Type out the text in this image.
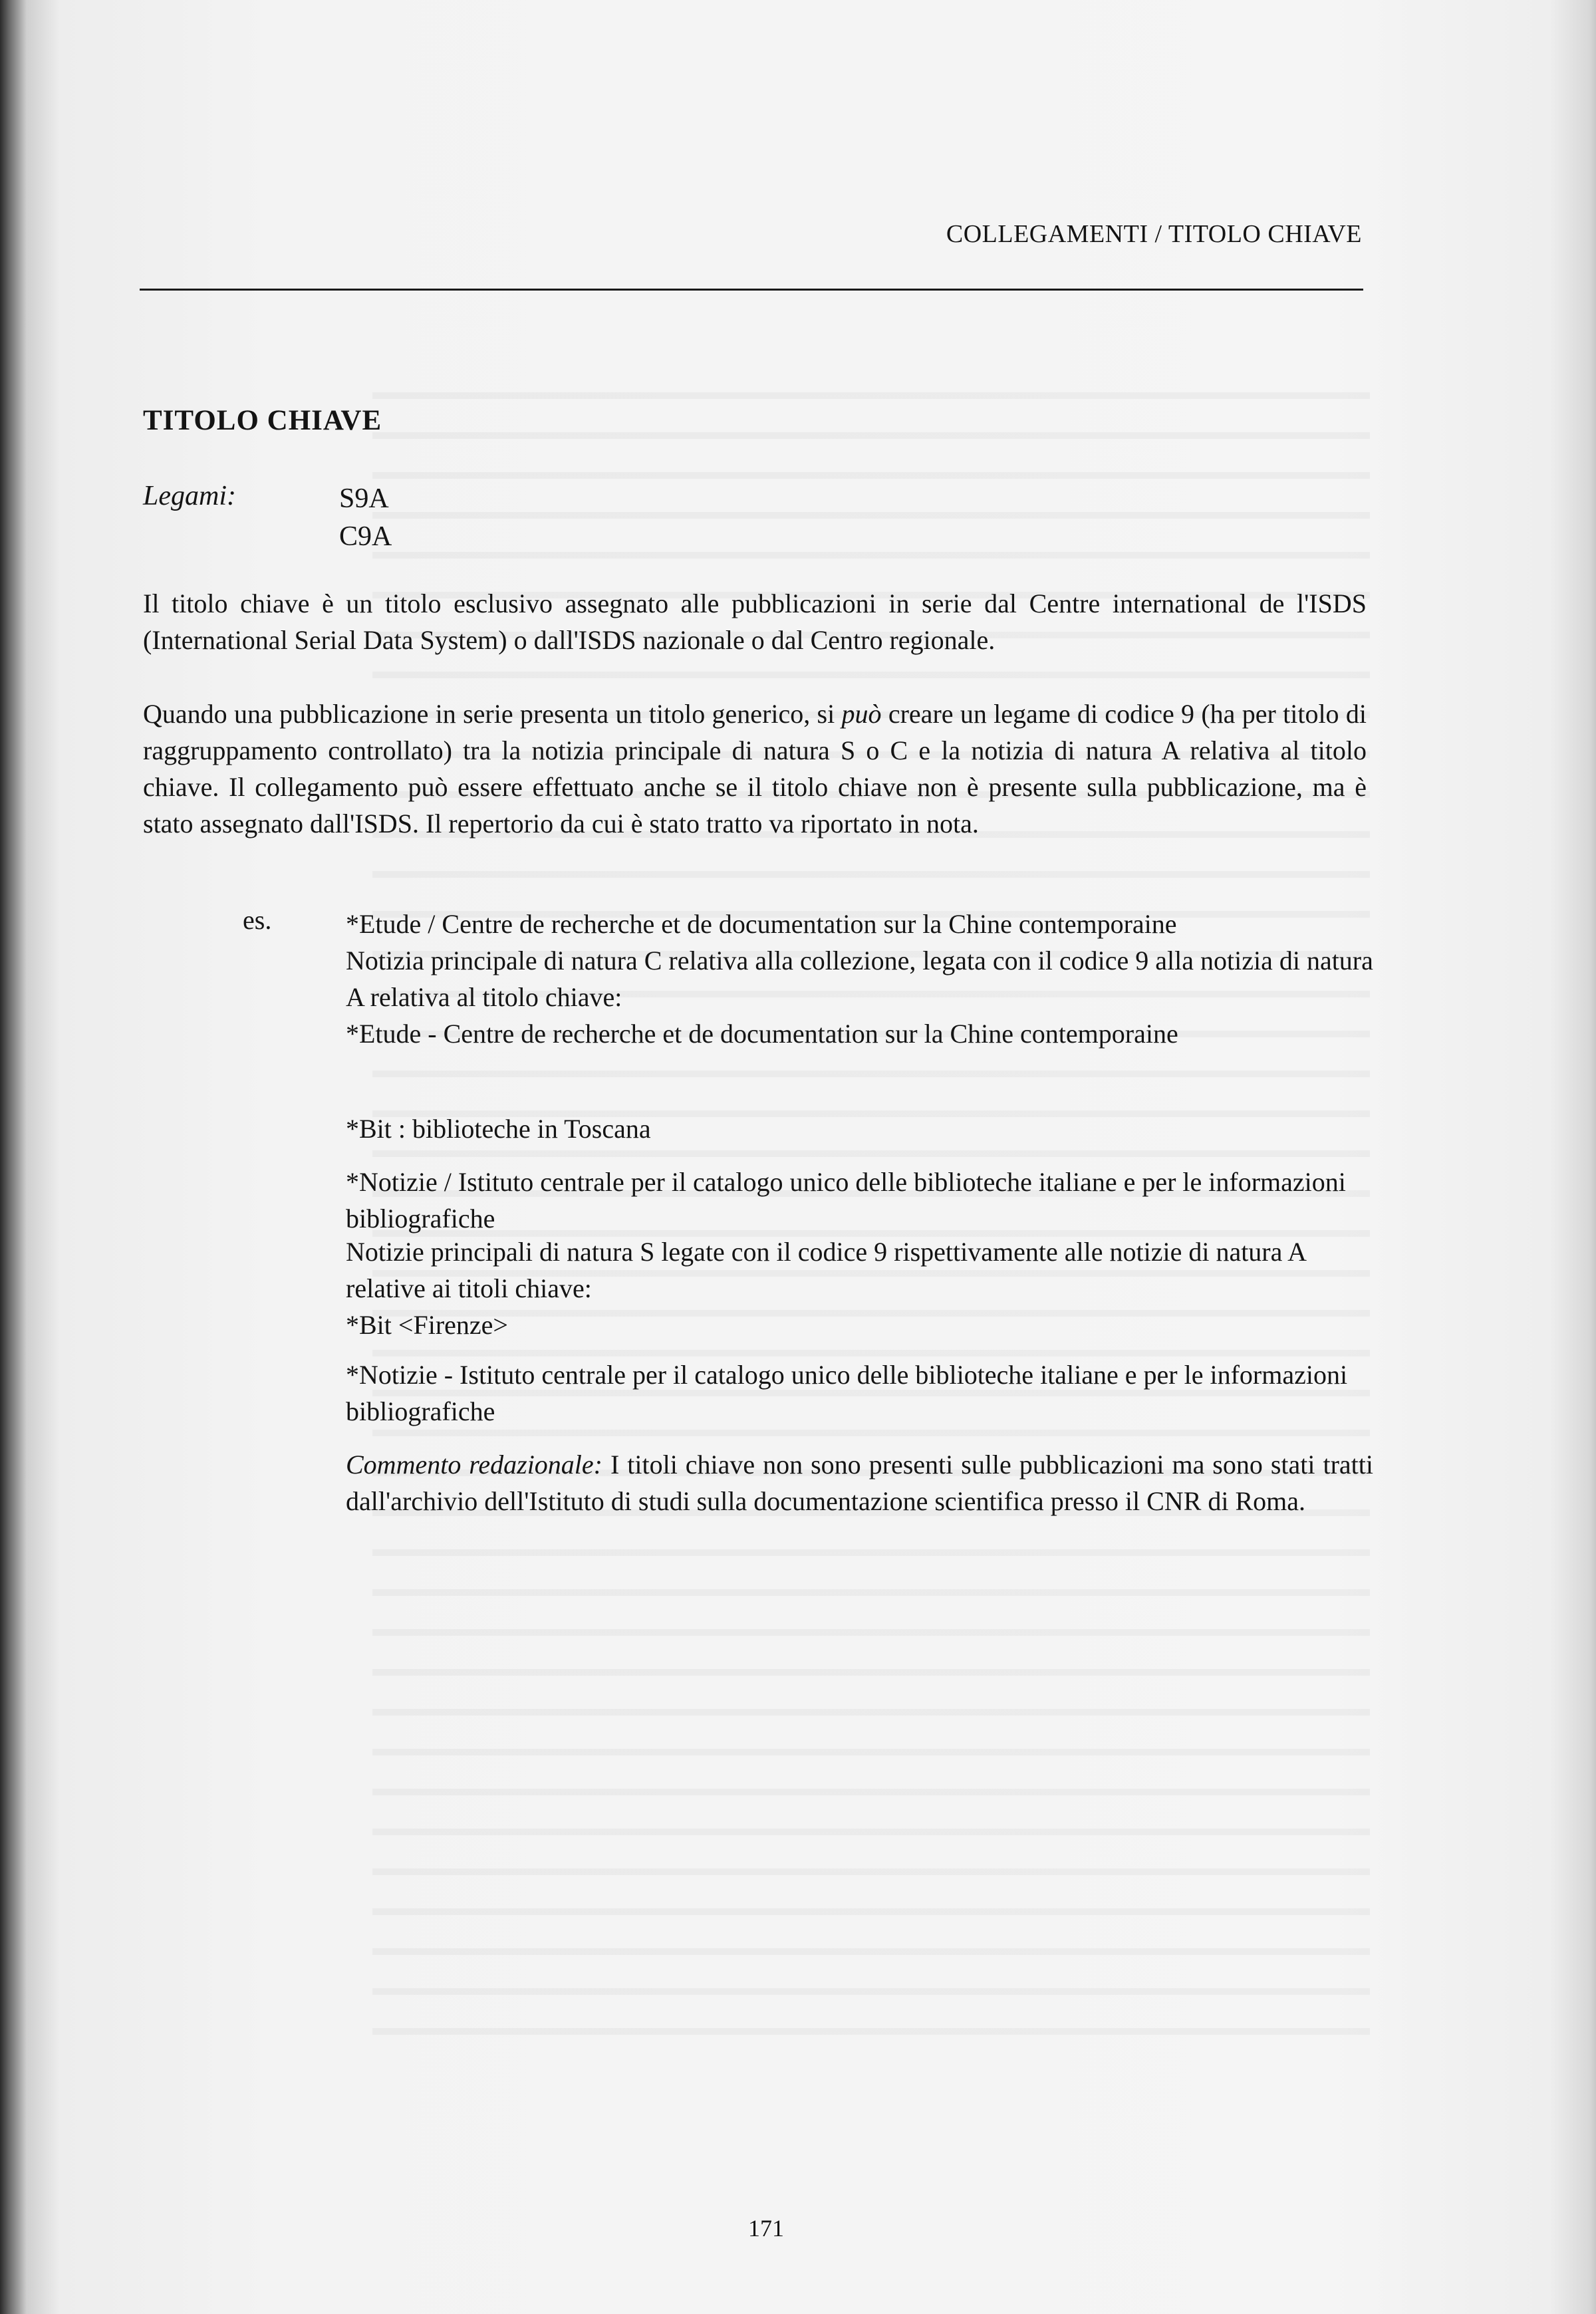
COLLEGAMENTI / TITOLO CHIAVE
TITOLO CHIAVE
Legami:	S9A
C9A
Il titolo chiave è un titolo esclusivo assegnato alle pubblicazioni in serie dal Centre international de l'ISDS (International Serial Data System) o dall'ISDS nazionale o dal Centro regionale.
Quando una pubblicazione in serie presenta un titolo generico, si può creare un legame di codice 9 (ha per titolo di raggruppamento controllato) tra la notizia principale di natura S o C e la notizia di natura A relativa al titolo chiave. Il collegamento può essere effettuato anche se il titolo chiave non è presente sulla pubblicazione, ma è stato assegnato dall'ISDS. Il repertorio da cui è stato tratto va riportato in nota.
es.	*Etude / Centre de recherche et de documentation sur la Chine contemporaine
Notizia principale di natura C relativa alla collezione, legata con il codice 9 alla notizia di natura A relativa al titolo chiave:
*Etude - Centre de recherche et de documentation sur la Chine contemporaine
*Bit : biblioteche in Toscana
*Notizie / Istituto centrale per il catalogo unico delle biblioteche italiane e per le informazioni bibliografiche
Notizie principali di natura S legate con il codice 9 rispettivamente alle notizie di natura A relative ai titoli chiave:
*Bit <Firenze>
*Notizie - Istituto centrale per il catalogo unico delle biblioteche italiane e per le informazioni bibliografiche
Commento redazionale: I titoli chiave non sono presenti sulle pubblicazioni ma sono stati tratti dall'archivio dell'Istituto di studi sulla documentazione scientifica presso il CNR di Roma.
171
